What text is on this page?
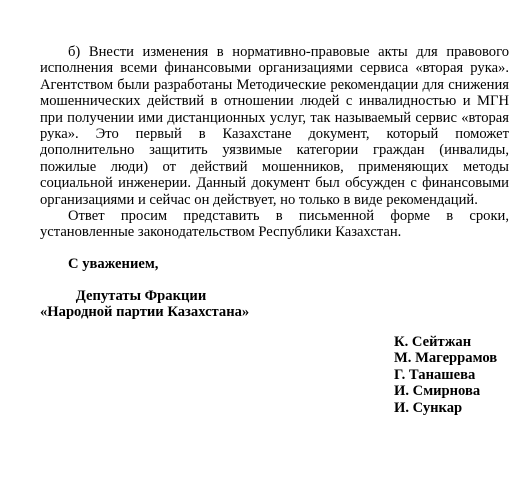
б) Внести изменения в нормативно-правовые акты для правового исполнения всеми финансовыми организациями сервиса «вторая рука». Агентством были разработаны Методические рекомендации для снижения мошеннических действий в отношении людей с инвалидностью и МГН при получении ими дистанционных услуг, так называемый сервис «вторая рука». Это первый в Казахстане документ, который поможет дополнительно защитить уязвимые категории граждан (инвалиды, пожилые люди) от действий мошенников, применяющих методы социальной инженерии. Данный документ был обсужден с финансовыми организациями и сейчас он действует, но только в виде рекомендаций.

Ответ просим представить в письменной форме в сроки, установленные законодательством Республики Казахстан.

С уважением,
Депутаты Фракции
«Народной партии Казахстана»
К. Сейтжан
М. Магеррамов
Г. Танашева
И. Смирнова
И. Сункар
